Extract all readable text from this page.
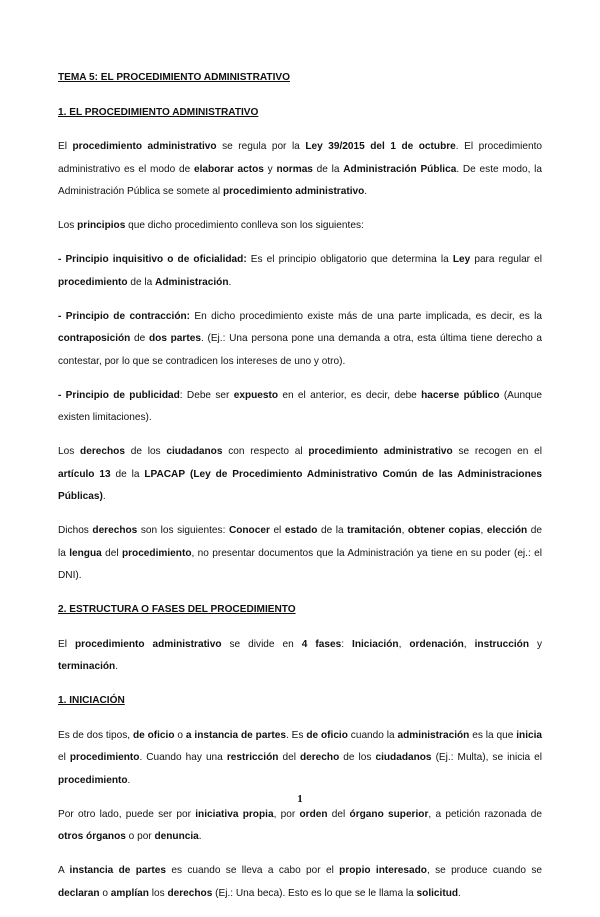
TEMA 5: EL PROCEDIMIENTO ADMINISTRATIVO
1. EL PROCEDIMIENTO ADMINISTRATIVO

El procedimiento administrativo se regula por la Ley 39/2015 del 1 de octubre. El procedimiento administrativo es el modo de elaborar actos y normas de la Administración Pública. De este modo, la Administración Pública se somete al procedimiento administrativo.

Los principios que dicho procedimiento conlleva son los siguientes:

- Principio inquisitivo o de oficialidad: Es el principio obligatorio que determina la Ley para regular el procedimiento de la Administración.

- Principio de contracción: En dicho procedimiento existe más de una parte implicada, es decir, es la contraposición de dos partes. (Ej.: Una persona pone una demanda a otra, esta última tiene derecho a contestar, por lo que se contradicen los intereses de uno y otro).

- Principio de publicidad: Debe ser expuesto en el anterior, es decir, debe hacerse público (Aunque existen limitaciones).

Los derechos de los ciudadanos con respecto al procedimiento administrativo se recogen en el artículo 13 de la LPACAP (Ley de Procedimiento Administrativo Común de las Administraciones Públicas).

Dichos derechos son los siguientes: Conocer el estado de la tramitación, obtener copias, elección de la lengua del procedimiento, no presentar documentos que la Administración ya tiene en su poder (ej.: el DNI).

2. ESTRUCTURA O FASES DEL PROCEDIMIENTO

El procedimiento administrativo se divide en 4 fases: Iniciación, ordenación, instrucción y terminación.

1. INICIACIÓN

Es de dos tipos, de oficio o a instancia de partes. Es de oficio cuando la administración es la que inicia el procedimiento. Cuando hay una restricción del derecho de los ciudadanos (Ej.: Multa), se inicia el procedimiento.

Por otro lado, puede ser por iniciativa propia, por orden del órgano superior, a petición razonada de otros órganos o por denuncia.

A instancia de partes es cuando se lleva a cabo por el propio interesado, se produce cuando se declaran o amplían los derechos (Ej.: Una beca). Esto es lo que se le llama la solicitud.

1
